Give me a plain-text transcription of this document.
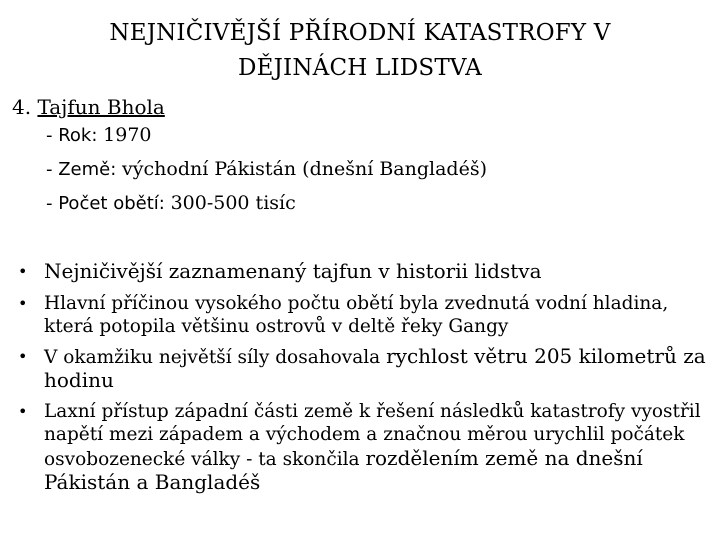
NEJNIČIVĚJŠÍ PŘÍRODNÍ KATASTROFY V DĚJINÁCH LIDSTVA

4. Tajfun Bhola

- Rok: 1970
- Země: východní Pákistán (dnešní Bangladéš)
- Počet obětí: 300-500 tisíc
• Nejničivější zaznamenaný tajfun v historii lidstva
• Hlavní příčinou vysokého počtu obětí byla zvednutá vodní hladina, která potopila většinu ostrovů v deltě řeky Gangy
• V okamžiku největší síly dosahovala rychlost větru 205 kilometrů za hodinu
• Laxní přístup západní části země k řešení následků katastrofy vyostřil napětí mezi západem a východem a značnou měrou urychlil počátek osvobozenecké války - ta skončila rozdělením země na dnešní Pákistán a Bangladéš
